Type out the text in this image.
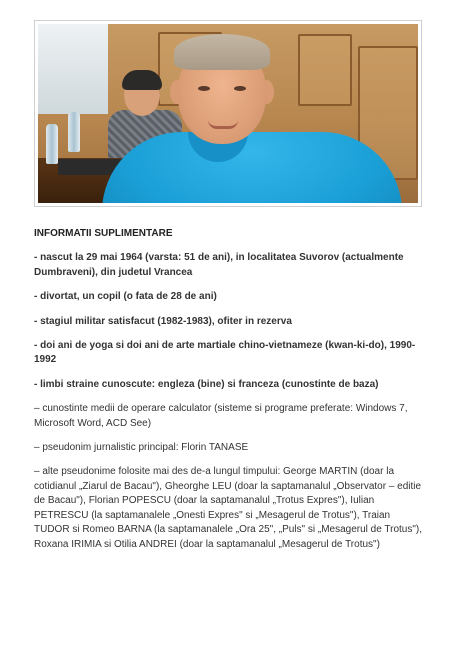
INFORMATII SUPLIMENTARE

- nascut la 29 mai 1964 (varsta: 51 de ani), in localitatea Suvorov (actualmente Dumbraveni), din judetul Vrancea

- divortat, un copil (o fata de 28 de ani)

- stagiul militar satisfacut (1982-1983), ofiter in rezerva

- doi ani de yoga si doi ani de arte martiale chino-vietnameze (kwan-ki-do), 1990-1992

- limbi straine cunoscute: engleza (bine) si franceza (cunostinte de baza)

– cunostinte medii de operare calculator (sisteme si programe preferate: Windows 7, Microsoft Word, ACD See)

– pseudonim jurnalistic principal: Florin TANASE

– alte pseudonime folosite mai des de-a lungul timpului: George MARTIN (doar la cotidianul „Ziarul de Bacau"), Gheorghe LEU (doar la saptamanalul „Observator – editie de Bacau"), Florian POPESCU (doar la saptamanalul „Trotus Expres"), Iulian PETRESCU (la saptamanalele „Onesti Expres" si „Mesagerul de Trotus"), Traian TUDOR si Romeo BARNA (la saptamanalele „Ora 25", „Puls" si „Mesagerul de Trotus"), Roxana IRIMIA si Otilia ANDREI (doar la saptamanalul „Mesagerul de Trotus")
